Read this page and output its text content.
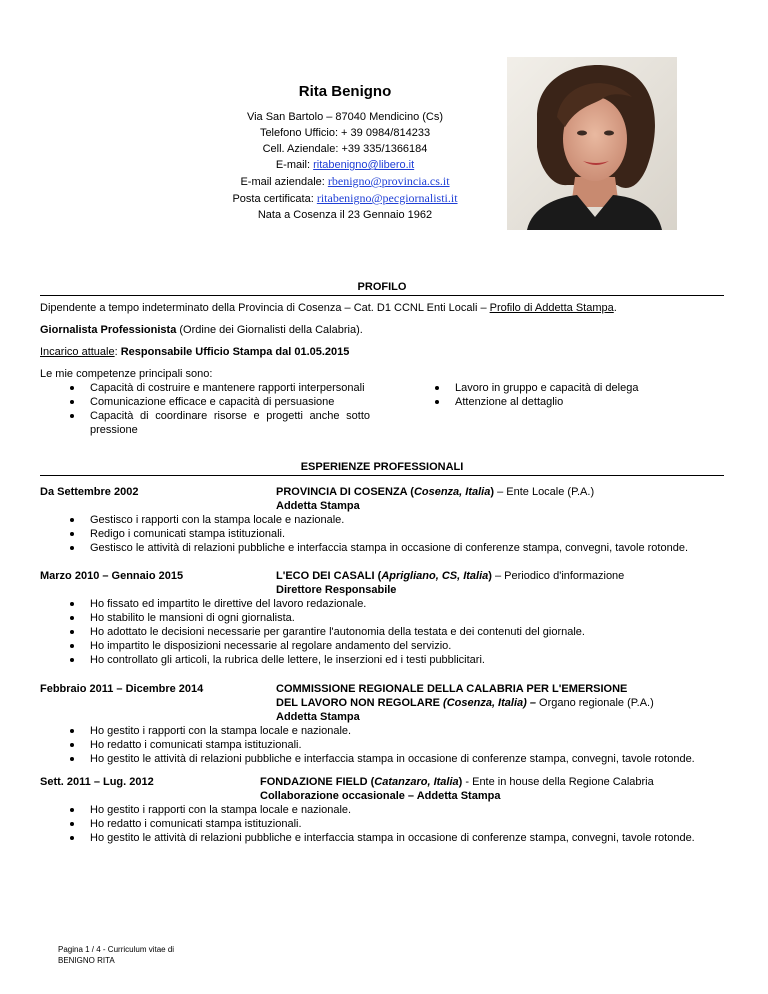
Rita Benigno
Via San Bartolo – 87040 Mendicino (Cs)
Telefono Ufficio: + 39 0984/814233
Cell. Aziendale: +39 335/1366184
E-mail: ritabenigno@libero.it
E-mail aziendale: rbenigno@provincia.cs.it
Posta certificata: ritabenigno@pecgiornalisti.it
Nata a Cosenza il 23 Gennaio 1962
PROFILO
Dipendente a tempo indeterminato della Provincia di Cosenza – Cat. D1 CCNL Enti Locali – Profilo di Addetta Stampa.
Giornalista Professionista (Ordine dei Giornalisti della Calabria).
Incarico attuale: Responsabile Ufficio Stampa dal 01.05.2015
Le mie competenze principali sono:
Capacità di costruire e mantenere rapporti interpersonali
Comunicazione efficace e capacità di persuasione
Capacità di coordinare risorse e progetti anche sotto pressione
Lavoro in gruppo e capacità di delega
Attenzione al dettaglio
ESPERIENZE PROFESSIONALI
Da Settembre 2002	PROVINCIA DI COSENZA (Cosenza, Italia) – Ente Locale (P.A.)
Addetta Stampa
Gestisco i rapporti con la stampa locale e nazionale.
Redigo i comunicati stampa istituzionali.
Gestisco le attività di relazioni pubbliche e interfaccia stampa in occasione di conferenze stampa, convegni, tavole rotonde.
Marzo 2010 – Gennaio 2015	L'ECO DEI CASALI (Aprigliano, CS, Italia) – Periodico d'informazione
Direttore Responsabile
Ho fissato ed impartito le direttive del lavoro redazionale.
Ho stabilito le mansioni di ogni giornalista.
Ho adottato le decisioni necessarie per garantire l'autonomia della testata e dei contenuti del giornale.
Ho impartito le disposizioni necessarie al regolare andamento del servizio.
Ho controllato gli articoli, la rubrica delle lettere, le inserzioni ed i testi pubblicitari.
Febbraio 2011 – Dicembre 2014	COMMISSIONE REGIONALE DELLA CALABRIA PER L'EMERSIONE
DEL LAVORO NON REGOLARE (Cosenza, Italia) – Organo regionale (P.A.)
Addetta Stampa
Ho gestito i rapporti con la stampa locale e nazionale.
Ho redatto i comunicati stampa istituzionali.
Ho gestito le attività di relazioni pubbliche e interfaccia stampa in occasione di conferenze stampa, convegni, tavole rotonde.
Sett. 2011 – Lug. 2012	FONDAZIONE FIELD (Catanzaro, Italia) - Ente in house della Regione Calabria
Collaborazione occasionale – Addetta Stampa
Ho gestito i rapporti con la stampa locale e nazionale.
Ho redatto i comunicati stampa istituzionali.
Ho gestito le attività di relazioni pubbliche e interfaccia stampa in occasione di conferenze stampa, convegni, tavole rotonde.
Pagina 1 / 4 - Curriculum vitae di
BENIGNO RITA
